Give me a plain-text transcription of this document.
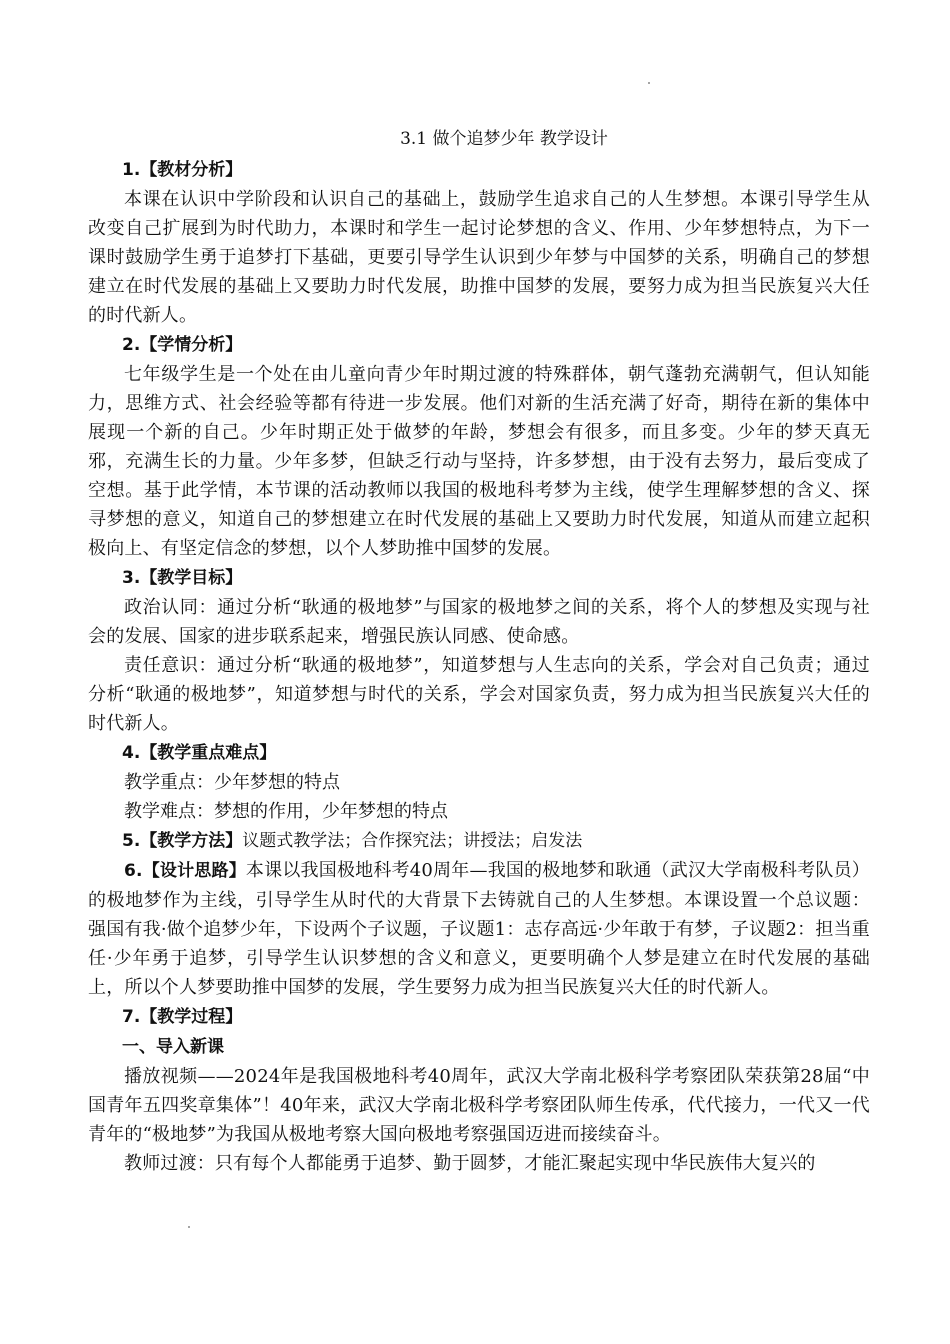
3.1 做个追梦少年 教学设计
1.【教材分析】

本课在认识中学阶段和认识自己的基础上，鼓励学生追求自己的人生梦想。本课引导学生从改变自己扩展到为时代助力，本课时和学生一起讨论梦想的含义、作用、少年梦想特点，为下一课时鼓励学生勇于追梦打下基础，更要引导学生认识到少年梦与中国梦的关系，明确自己的梦想建立在时代发展的基础上又要助力时代发展，助推中国梦的发展，要努力成为担当民族复兴大任的时代新人。

2.【学情分析】

七年级学生是一个处在由儿童向青少年时期过渡的特殊群体，朝气蓬勃充满朝气，但认知能力，思维方式、社会经验等都有待进一步发展。他们对新的生活充满了好奇，期待在新的集体中展现一个新的自己。少年时期正处于做梦的年龄，梦想会有很多，而且多变。少年的梦天真无邪，充满生长的力量。少年多梦，但缺乏行动与坚持，许多梦想，由于没有去努力，最后变成了空想。基于此学情，本节课的活动教师以我国的极地科考梦为主线，使学生理解梦想的含义、探寻梦想的意义，知道自己的梦想建立在时代发展的基础上又要助力时代发展，知道从而建立起积极向上、有坚定信念的梦想，以个人梦助推中国梦的发展。

3.【教学目标】

政治认同：通过分析“耿通的极地梦”与国家的极地梦之间的关系，将个人的梦想及实现与社会的发展、国家的进步联系起来，增强民族认同感、使命感。

责任意识：通过分析“耿通的极地梦”，知道梦想与人生志向的关系，学会对自己负责；通过分析“耿通的极地梦”，知道梦想与时代的关系，学会对国家负责，努力成为担当民族复兴大任的时代新人。

4.【教学重点难点】

教学重点：少年梦想的特点

教学难点：梦想的作用，少年梦想的特点

5.【教学方法】议题式教学法；合作探究法；讲授法；启发法

6.【设计思路】本课以我国极地科考40周年—我国的极地梦和耿通（武汉大学南极科考队员）的极地梦作为主线，引导学生从时代的大背景下去铸就自己的人生梦想。本课设置一个总议题：强国有我·做个追梦少年，下设两个子议题，子议题1：志存高远·少年敢于有梦，子议题2：担当重任·少年勇于追梦，引导学生认识梦想的含义和意义，更要明确个人梦是建立在时代发展的基础上，所以个人梦要助推中国梦的发展，学生要努力成为担当民族复兴大任的时代新人。

7.【教学过程】
一、导入新课

播放视频——2024年是我国极地科考40周年，武汉大学南北极科学考察团队荣获第28届“中国青年五四奖章集体”！40年来，武汉大学南北极科学考察团队师生传承，代代接力，一代又一代青年的“极地梦”为我国从极地考察大国向极地考察强国迈进而接续奋斗。

教师过渡：只有每个人都能勇于追梦、勤于圆梦，才能汇聚起实现中华民族伟大复兴的
